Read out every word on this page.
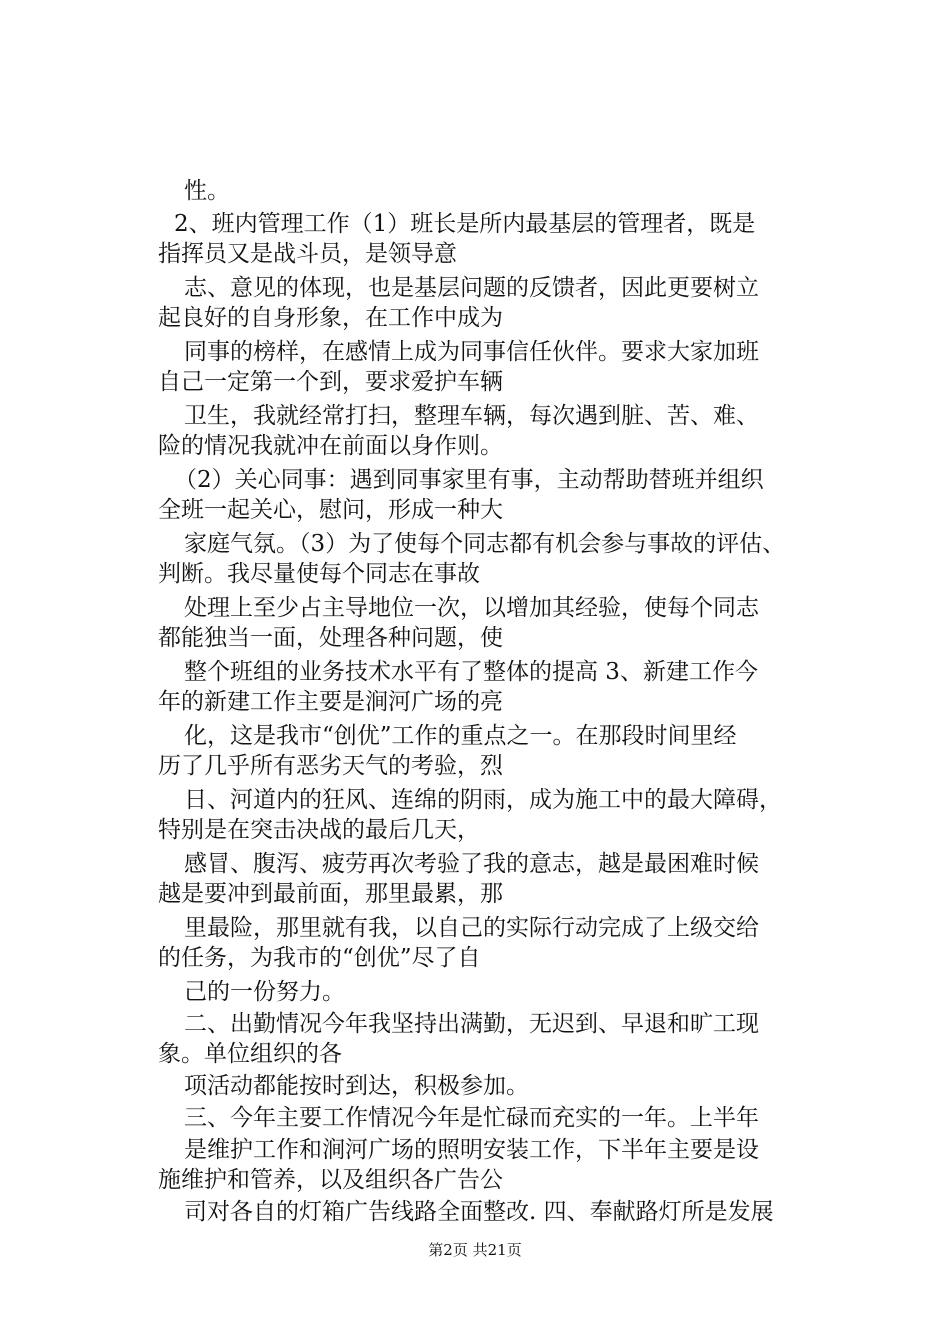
性。

2、班内管理工作（1）班长是所内最基层的管理者，既是

指挥员又是战斗员，是领导意

志、意见的体现，也是基层问题的反馈者，因此更要树立

起良好的自身形象，在工作中成为

同事的榜样，在感情上成为同事信任伙伴。要求大家加班

自己一定第一个到，要求爱护车辆

卫生，我就经常打扫，整理车辆，每次遇到脏、苦、难、

险的情况我就冲在前面以身作则。

（2）关心同事：遇到同事家里有事，主动帮助替班并组织

全班一起关心，慰问，形成一种大

家庭气氛。（3）为了使每个同志都有机会参与事故的评估、

判断。我尽量使每个同志在事故

处理上至少占主导地位一次，以增加其经验，使每个同志

都能独当一面，处理各种问题，使

整个班组的业务技术水平有了整体的提高 3、新建工作今

年的新建工作主要是涧河广场的亮

化，这是我市“创优”工作的重点之一。在那段时间里经

历了几乎所有恶劣天气的考验，烈

日、河道内的狂风、连绵的阴雨，成为施工中的最大障碍，

特别是在突击决战的最后几天，

感冒、腹泻、疲劳再次考验了我的意志，越是最困难时候

越是要冲到最前面，那里最累，那

里最险，那里就有我，以自己的实际行动完成了上级交给

的任务，为我市的“创优”尽了自

己的一份努力。

二、出勤情况今年我坚持出满勤，无迟到、早退和旷工现

象。单位组织的各

项活动都能按时到达，积极参加。

三、今年主要工作情况今年是忙碌而充实的一年。上半年

是维护工作和涧河广场的照明安装工作，下半年主要是设

施维护和管养，以及组织各广告公

司对各自的灯箱广告线路全面整改. 四、奉献路灯所是发展

第2页 共21页
